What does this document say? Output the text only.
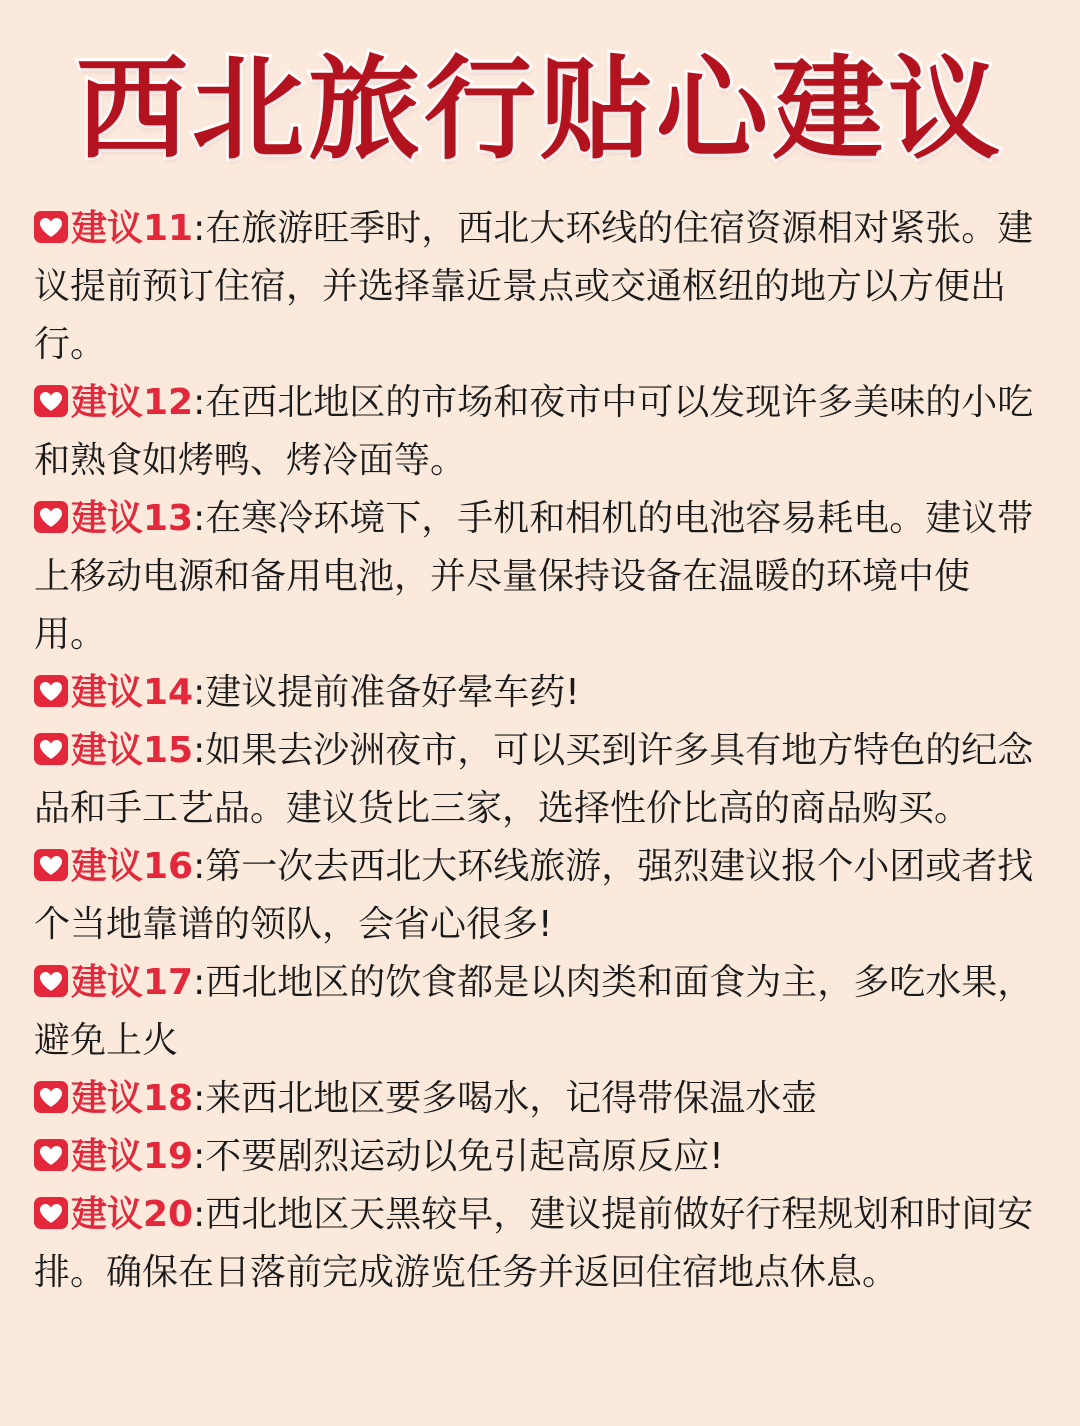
西北旅行贴心建议

建议11:在旅游旺季时，西北大环线的住宿资源相对紧张。建议提前预订住宿，并选择靠近景点或交通枢纽的地方以方便出行。

建议12:在西北地区的市场和夜市中可以发现许多美味的小吃和熟食如烤鸭、烤冷面等。

建议13:在寒冷环境下，手机和相机的电池容易耗电。建议带上移动电源和备用电池，并尽量保持设备在温暖的环境中使用。

建议14:建议提前准备好晕车药!

建议15:如果去沙洲夜市，可以买到许多具有地方特色的纪念品和手工艺品。建议货比三家，选择性价比高的商品购买。

建议16:第一次去西北大环线旅游，强烈建议报个小团或者找个当地靠谱的领队，会省心很多!

建议17:西北地区的饮食都是以肉类和面食为主，多吃水果，避免上火

建议18:来西北地区要多喝水，记得带保温水壶

建议19:不要剧烈运动以免引起高原反应!

建议20:西北地区天黑较早，建议提前做好行程规划和时间安排。确保在日落前完成游览任务并返回住宿地点休息。
